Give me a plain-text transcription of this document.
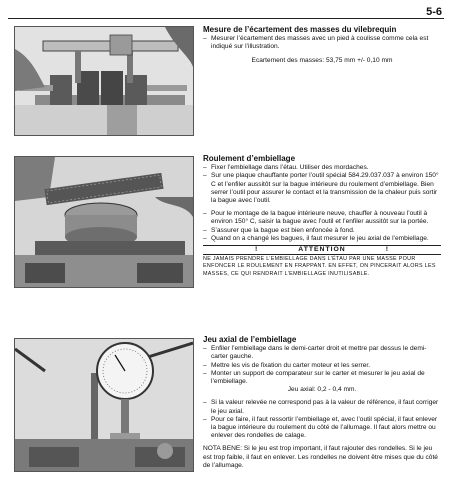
5-6
Mesure de l’écartement des masses du vilebrequin
– Mesurer l’écartement des masses avec un pied à coulisse comme cela est indiqué sur l’illustration.
Ecartement des masses: 53,75 mm +/- 0,10 mm
Roulement d’embiellage
– Fixer l’embiellage dans l’étau. Utiliser des mordaches.
– Sur une plaque chauffante porter l’outil spécial 584.29.037.037 à environ 150° C et l’enfiler aussitôt sur la bague intérieure du roulement d’embiellage. Bien serrer l’outil pour assurer le contact et la transmission de la chaleur puis sortir la bague avec l’outil.
– Pour le montage de la bague intérieure neuve, chauffer à nouveau l’outil à environ 150° C, saisir la bague avec l’outil et l’enfiler aussitôt sur la portée.
– S’assurer que la bague est bien enfoncée à fond.
– Quand on a changé les bagues, il faut mesurer le jeu axial de l’embiellage.
!	ATTENTION	!
NE JAMAIS PRENDRE L’EMBIELLAGE DANS L’ÉTAU PAR UNE MASSE POUR ENFONCER LE ROULEMENT EN FRAPPANT. EN EFFET, ON PINCERAIT ALORS LES MASSES, CE QUI RENDRAIT L’EMBIELLAGE INUTILISABLE.
Jeu axial de l’embiellage
– Enfiler l’embiellage dans le demi-carter droit et mettre par dessus le demi-carter gauche.
– Mettre les vis de fixation du carter moteur et les serrer.
– Monter un support de comparateur sur le carter et mesurer le jeu axial de l’embiellage.
Jeu axial: 0,2 - 0,4 mm.
– Si la valeur relevée ne correspond pas à la valeur de référence, il faut corriger le jeu axial.
– Pour ce faire, il faut ressortir l’embiellage et, avec l’outil spécial, il faut enlever la bague intérieure du roulement du côté de l’allumage. Il faut alors mettre ou enlever des rondelles de calage.
NOTA BENE: Si le jeu est trop important, il faut rajouter des rondelles. Si le jeu est trop faible, il faut en enlever. Les rondelles ne doivent être mises que du côté de l’allumage.
